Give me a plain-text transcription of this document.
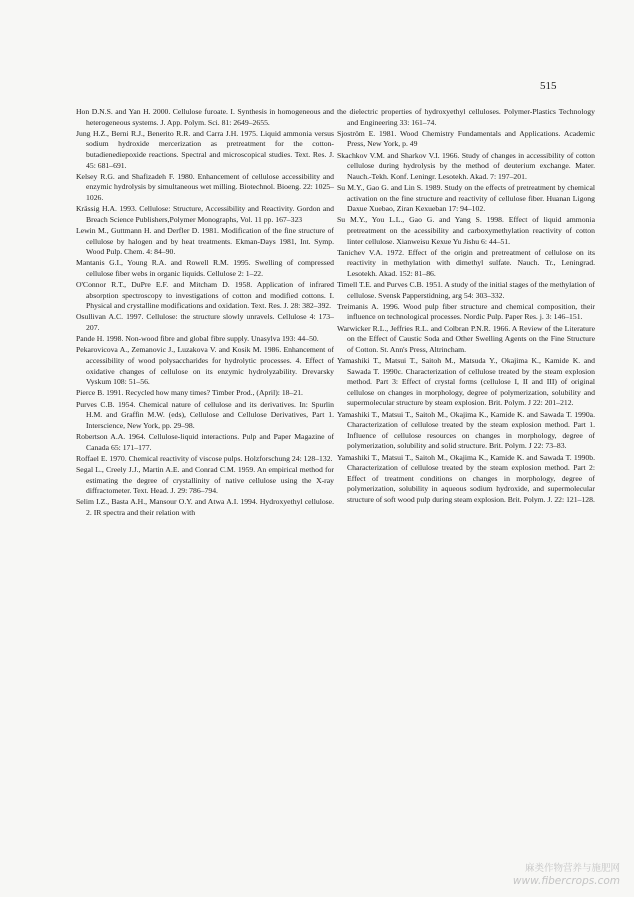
515

Hon D.N.S. and Yan H. 2000. Cellulose furoate. I. Synthesis in homogeneous and heterogeneous systems. J. App. Polym. Sci. 81: 2649–2655.

Jung H.Z., Berni R.J., Benerito R.R. and Carra J.H. 1975. Liquid ammonia versus sodium hydroxide mercerization as pretreatment for the cotton-butadienediepoxide reactions. Spectral and microscopical studies. Text. Res. J. 45: 681–691.

Kelsey R.G. and Shafizadeh F. 1980. Enhancement of cellulose accessibility and enzymic hydrolysis by simultaneous wet milling. Biotechnol. Bioeng. 22: 1025–1026.

Krässig H.A. 1993. Cellulose: Structure, Accessibility and Reactivity. Gordon and Breach Science Publishers,Polymer Monographs, Vol. 11 pp. 167–323

Lewin M., Guttmann H. and Derfler D. 1981. Modification of the fine structure of cellulose by halogen and by heat treatments. Ekman-Days 1981, Int. Symp. Wood Pulp. Chem. 4: 84–90.

Mantanis G.I., Young R.A. and Rowell R.M. 1995. Swelling of compressed cellulose fiber webs in organic liquids. Cellulose 2: 1–22.

O'Connor R.T., DuPre E.F. and Mitcham D. 1958. Application of infrared absorption spectroscopy to investigations of cotton and modified cottons. I. Physical and crystalline modifications and oxidation. Text. Res. J. 28: 382–392.

Osullivan A.C. 1997. Cellulose: the structure slowly unravels. Cellulose 4: 173–207.

Pande H. 1998. Non-wood fibre and global fibre supply. Unasylva 193: 44–50.

Pekarovicova A., Zemanovic J., Luzakova V. and Kosik M. 1986. Enhancement of accessibility of wood polysaccharides for hydrolytic processes. 4. Effect of oxidative changes of cellulose on its enzymic hydrolyzability. Drevarsky Vyskum 108: 51–56.

Pierce B. 1991. Recycled how many times? Timber Prod., (April): 18–21.

Purves C.B. 1954. Chemical nature of cellulose and its derivatives. In: Spurlin H.M. and Graffin M.W. (eds), Cellulose and Cellulose Derivatives, Part 1. Interscience, New York, pp. 29–98.

Robertson A.A. 1964. Cellulose-liquid interactions. Pulp and Paper Magazine of Canada 65: 171–177.

Roffael E. 1970. Chemical reactivity of viscose pulps. Holzforschung 24: 128–132.

Segal L., Creely J.J., Martin A.E. and Conrad C.M. 1959. An empirical method for estimating the degree of crystallinity of native cellulose using the X-ray diffractometer. Text. Head. J. 29: 786–794.

Selim I.Z., Basta A.H., Mansour O.Y. and Atwa A.I. 1994. Hydroxyethyl cellulose. 2. IR spectra and their relation with

the dielectric properties of hydroxyethyl celluloses. Polymer-Plastics Technology and Engineering 33: 161–74.

Sjoström E. 1981. Wood Chemistry Fundamentals and Applications. Academic Press, New York, p. 49

Skachkov V.M. and Sharkov V.I. 1966. Study of changes in accessibility of cotton cellulose during hydrolysis by the method of deuterium exchange. Mater. Nauch.-Tekh. Konf. Leningr. Lesotekh. Akad. 7: 197–201.

Su M.Y., Gao G. and Lin S. 1989. Study on the effects of pretreatment by chemical activation on the fine structure and reactivity of cellulose fiber. Huanan Ligong Daxue Xuebao, Ziran Kexueban 17: 94–102.

Su M.Y., You L.L., Gao G. and Yang S. 1998. Effect of liquid ammonia pretreatment on the acessibility and carboxymethylation reactivity of cotton linter cellulose. Xianweisu Kexue Yu Jishu 6: 44–51.

Tanichev V.A. 1972. Effect of the origin and pretreatment of cellulose on its reactivity in methylation with dimethyl sulfate. Nauch. Tr., Leningrad. Lesotekh. Akad. 152: 81–86.

Timell T.E. and Purves C.B. 1951. A study of the initial stages of the methylation of cellulose. Svensk Papperstidning, arg 54: 303–332.

Treimanis A. 1996. Wood pulp fiber structure and chemical composition, their influence on technological processes. Nordic Pulp. Paper Res. j. 3: 146–151.

Warwicker R.L., Jeffries R.L. and Colbran P.N.R. 1966. A Review of the Literature on the Effect of Caustic Soda and Other Swelling Agents on the Fine Structure of Cotton. St. Ann's Press, Altrincham.

Yamashiki T., Matsui T., Saitoh M., Matsuda Y., Okajima K., Kamide K. and Sawada T. 1990c. Characterization of cellulose treated by the steam explosion method. Part 3: Effect of crystal forms (cellulose I, II and III) of original cellulose on changes in morphology, degree of polymerization, solubility and supermolecular structure by steam explosion. Brit. Polym. J 22: 201–212.

Yamashiki T., Matsui T., Saitoh M., Okajima K., Kamide K. and Sawada T. 1990a. Characterization of cellulose treated by the steam explosion method. Part 1. Influence of cellulose resources on changes in morphology, degree of polymerization, solubility and solid structure. Brit. Polym. J 22: 73–83.

Yamashiki T., Matsui T., Saitoh M., Okajima K., Kamide K. and Sawada T. 1990b. Characterization of cellulose treated by the steam explosion method. Part 2: Effect of treatment conditions on changes in morphology, degree of polymerization, solubility in aqueous sodium hydroxide, and supermolecular structure of soft wood pulp during steam explosion. Brit. Polym. J. 22: 121–128.

麻类作物营养与施肥网
www.fibercrops.com
